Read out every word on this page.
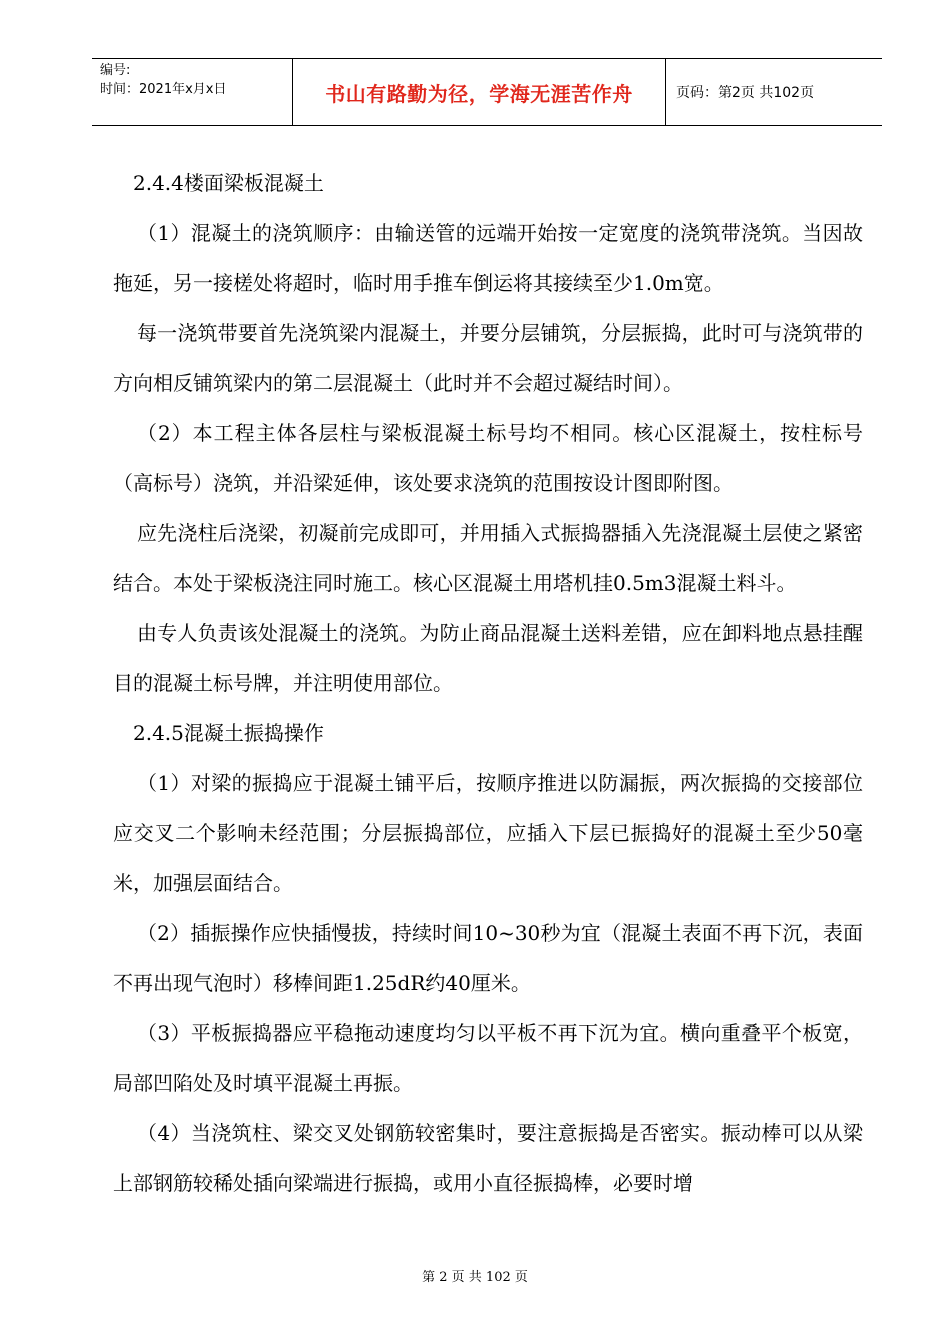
编号:
时间：2021年x月x日	书山有路勤为径，学海无涯苦作舟	页码：第2页 共102页

2.4.4楼面梁板混凝土

（1）混凝土的浇筑顺序：由输送管的远端开始按一定宽度的浇筑带浇筑。当因故拖延，另一接槎处将超时，临时用手推车倒运将其接续至少1.0m宽。

每一浇筑带要首先浇筑梁内混凝土，并要分层铺筑，分层振捣，此时可与浇筑带的方向相反铺筑梁内的第二层混凝土（此时并不会超过凝结时间）。

（2）本工程主体各层柱与梁板混凝土标号均不相同。核心区混凝土，按柱标号（高标号）浇筑，并沿梁延伸，该处要求浇筑的范围按设计图即附图。

应先浇柱后浇梁，初凝前完成即可，并用插入式振捣器插入先浇混凝土层使之紧密结合。本处于梁板浇注同时施工。核心区混凝土用塔机挂0.5m3混凝土料斗。

由专人负责该处混凝土的浇筑。为防止商品混凝土送料差错，应在卸料地点悬挂醒目的混凝土标号牌，并注明使用部位。

2.4.5混凝土振捣操作

（1）对梁的振捣应于混凝土铺平后，按顺序推进以防漏振，两次振捣的交接部位应交叉二个影响未经范围；分层振捣部位，应插入下层已振捣好的混凝土至少50毫米，加强层面结合。

（2）插振操作应快插慢拔，持续时间10~30秒为宜（混凝土表面不再下沉，表面不再出现气泡时）移棒间距1.25dR约40厘米。

（3）平板振捣器应平稳拖动速度均匀以平板不再下沉为宜。横向重叠平个板宽，局部凹陷处及时填平混凝土再振。

（4）当浇筑柱、梁交叉处钢筋较密集时，要注意振捣是否密实。振动棒可以从梁上部钢筋较稀处插向梁端进行振捣，或用小直径振捣棒，必要时增

第 2 页 共 102 页
